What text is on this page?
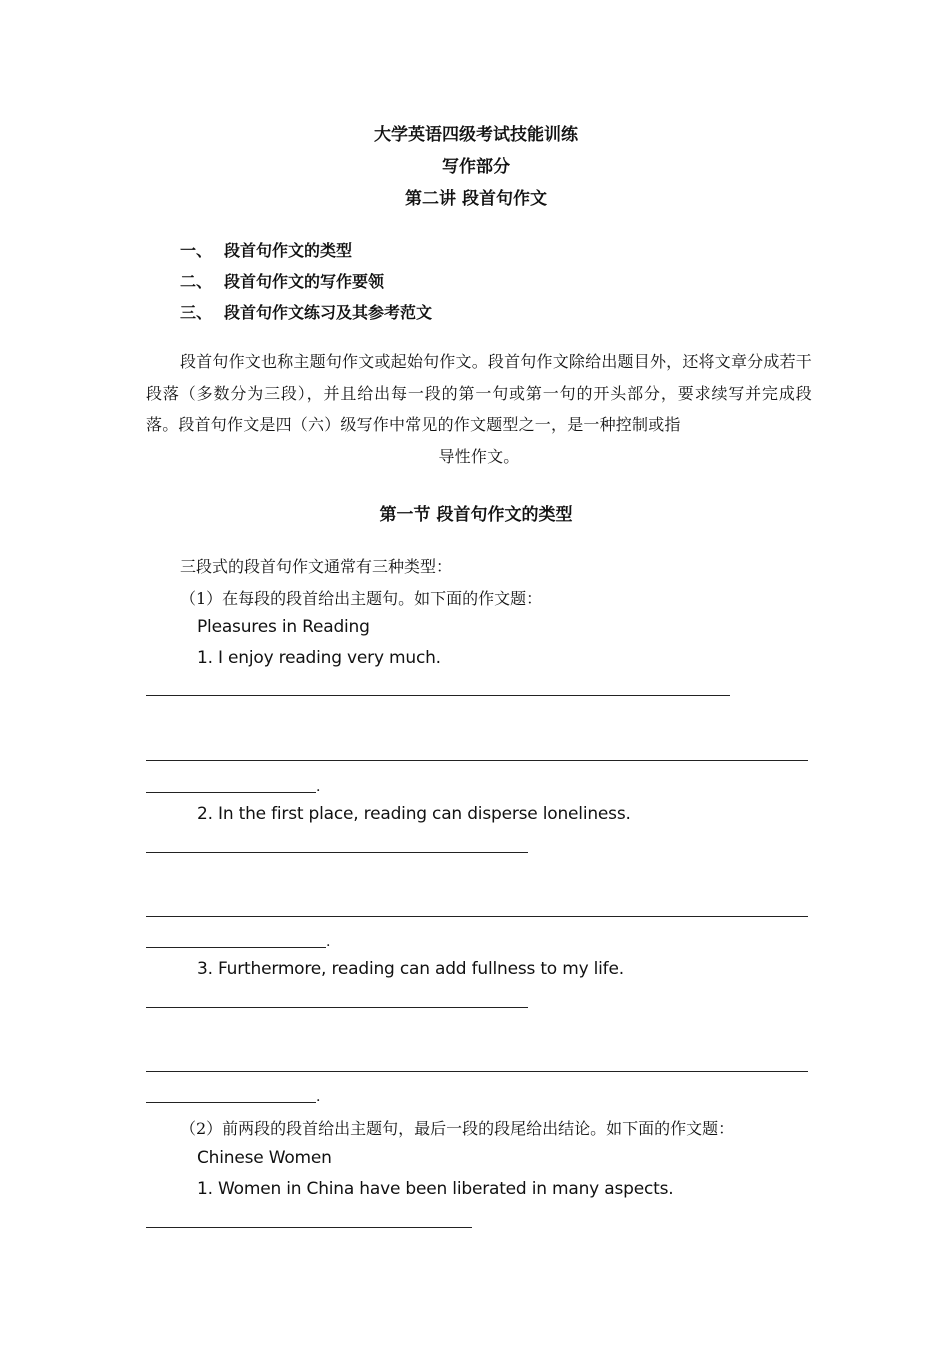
大学英语四级考试技能训练
写作部分
第二讲 段首句作文
一、 段首句作文的类型
二、 段首句作文的写作要领
三、 段首句作文练习及其参考范文
段首句作文也称主题句作文或起始句作文。段首句作文除给出题目外，还将文章分成若干段落（多数分为三段），并且给出每一段的第一句或第一句的开头部分，要求续写并完成段落。段首句作文是四（六）级写作中常见的作文题型之一，是一种控制或指
导性作文。
第一节 段首句作文的类型
三段式的段首句作文通常有三种类型：
（1）在每段的段首给出主题句。如下面的作文题：
Pleasures in Reading
1. I enjoy reading very much.
.
2. In the first place, reading can disperse loneliness.
.
3. Furthermore, reading can add fullness to my life.
.
（2）前两段的段首给出主题句，最后一段的段尾给出结论。如下面的作文题：
Chinese Women
1. Women in China have been liberated in many aspects.
